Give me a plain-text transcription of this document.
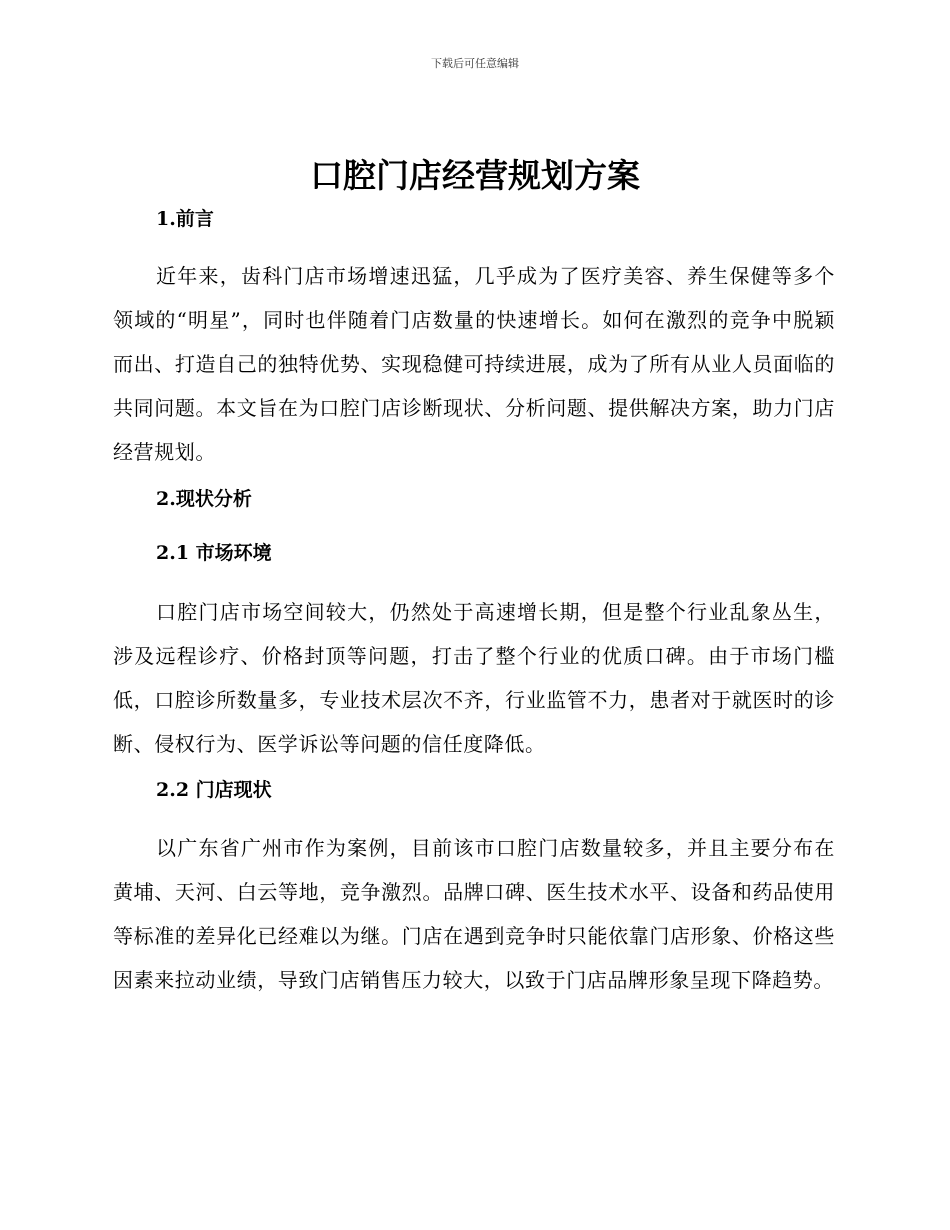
下载后可任意编辑
口腔门店经营规划方案
1.前言

近年来，齿科门店市场增速迅猛，几乎成为了医疗美容、养生保健等多个领域的“明星”，同时也伴随着门店数量的快速增长。如何在激烈的竞争中脱颖而出、打造自己的独特优势、实现稳健可持续进展，成为了所有从业人员面临的共同问题。本文旨在为口腔门店诊断现状、分析问题、提供解决方案，助力门店经营规划。

2.现状分析
2.1 市场环境

口腔门店市场空间较大，仍然处于高速增长期，但是整个行业乱象丛生，涉及远程诊疗、价格封顶等问题，打击了整个行业的优质口碑。由于市场门槛低，口腔诊所数量多，专业技术层次不齐，行业监管不力，患者对于就医时的诊断、侵权行为、医学诉讼等问题的信任度降低。

2.2 门店现状

以广东省广州市作为案例，目前该市口腔门店数量较多，并且主要分布在黄埔、天河、白云等地，竞争激烈。品牌口碑、医生技术水平、设备和药品使用等标准的差异化已经难以为继。门店在遇到竞争时只能依靠门店形象、价格这些因素来拉动业绩，导致门店销售压力较大，以致于门店品牌形象呈现下降趋势。
